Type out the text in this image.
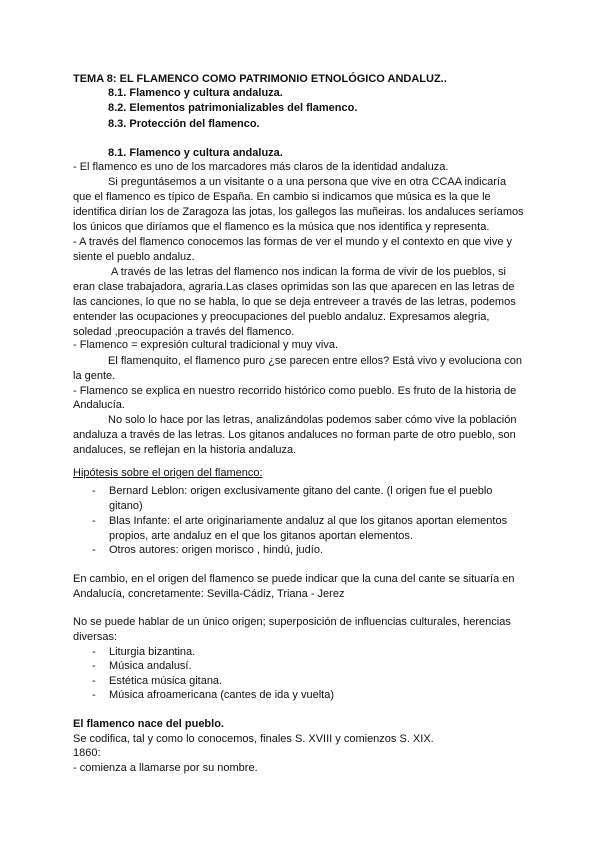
TEMA 8: EL FLAMENCO COMO PATRIMONIO ETNOLÓGICO ANDALUZ..

8.1. Flamenco y cultura andaluza.

8.2. Elementos patrimonializables del flamenco.

8.3. Protección del flamenco.

8.1. Flamenco y cultura andaluza.

- El flamenco es uno de los marcadores más claros de la identidad andaluza.

Si preguntásemos a un visitante o a una persona que vive en otra CCAA indicaría

que el flamenco es típico de España. En cambio si indicamos que música es la que le

identifica dirían los de Zaragoza las jotas, los gallegos las muñeiras. los andaluces seríamos

los únicos que diríamos que el flamenco es la música que nos identifica y representa.

- A través del flamenco conocemos las formas de ver el mundo y el contexto en que vive y

siente el pueblo andaluz.

A través de las letras del flamenco nos indican la forma de vivir de los pueblos, si

eran clase trabajadora, agraria.Las clases oprimidas son las que aparecen en las letras de

las canciones, lo que no se habla, lo que se deja entreveer a través de las letras, podemos

entender las ocupaciones y preocupaciones del pueblo andaluz. Expresamos alegria,

soledad ,preocupación a través del flamenco.

- Flamenco = expresión cultural tradicional y muy viva.

El flamenquito, el flamenco puro ¿se parecen entre ellos? Está vivo y evoluciona con

la gente.

- Flamenco se explica en nuestro recorrido histórico como pueblo. Es fruto de la historia de

Andalucía.

No solo lo hace por las letras, analizándolas podemos saber cómo vive la población

andaluza a través de las letras. Los gitanos andaluces no forman parte de otro pueblo, son

andaluces, se reflejan en la historia andaluza.

Hipótesis sobre el origen del flamenco:

- Bernard Leblon: origen exclusivamente gitano del cante. (l origen fue el pueblo

gitano)

- Blas Infante: el arte originariamente andaluz al que los gitanos aportan elementos

propios, arte andaluz en el que los gitanos aportan elementos.

- Otros autores: origen morisco , hindú, judío.

En cambio, en el origen del flamenco se puede indicar que la cuna del cante se situaría en

Andalucía, concretamente: Sevilla-Cádiz, Triana - Jerez

No se puede hablar de un único origen; superposición de influencias culturales, herencias

diversas:

- Liturgia bizantina.

- Música andalusí.

- Estética música gitana.

- Música afroamericana (cantes de ida y vuelta)

El flamenco nace del pueblo.

Se codifica, tal y como lo conocemos, finales S. XVIII y comienzos S. XIX.

1860:

- comienza a llamarse por su nombre.
